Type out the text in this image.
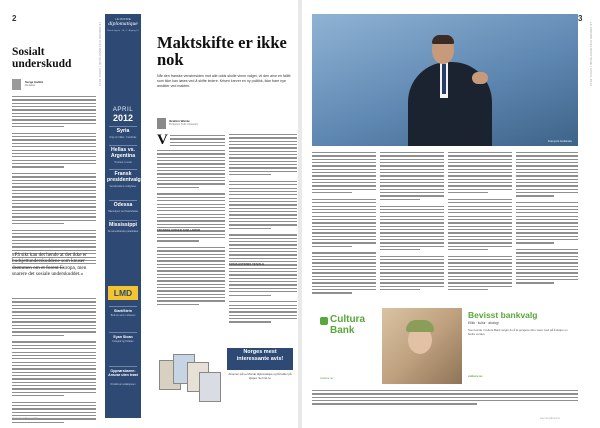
2
LE MONDE DIPLOMATIQUE | APRIL 2012
Sosialt underskudd
Serge Halimi
Redaktør

«På sikt kan det hende at det ikke er budsjettunderskuddene som knuser drømmen om et forent Europa, men snarere det sosiale underskuddet.»

Oversatt av Hanne Vabø
LE MONDE
diplomatique
Norsk utgave · Nr. 4 · Årgang 14
APRIL
2012
Syria
Krig om bildet · Frankrike
Hellas vs. Argentina
To kriser, to svar
Fransk presidentvalg
Venstresidens muligheter
Odessa
Havnebyen ved Svartehavet
Mississippi
Det amerikanske paradokset
Start/Stein
Bruk av vann i ørkenen
Eyan Sloan
Fotograf og forfatter
Opprørsbaren: Ansvar uten trøst
Kronikk av redaksjonen
LMD
Maktskifte er ikke nok
Når den franske venstresiden mot alle odds skulle vinne valget, vil den arve en fallitt som ikke kan løses ved å skifte ledere. Krisen krever en ny politikk, ikke bare nye ansikter ved makten.
Ibrahim Warde
Professor, Tufts University
V
FRANSKE KRISER SOM LÆRER
SOSIALISTENES VEIVALG
Norges mest interessante avis!
Abonner på Le Monde diplomatique og få bøker på kjøpet. Se lmd.no
3
LE MONDE DIPLOMATIQUE | APRIL 2012
François Hollande
Cultura Bank
cultura.no
Bevisst bankvalg
Etikk · kultur · økologi
Som kunde i Cultura Bank velger du å la pengene dine være med på å skape en bedre verden.
cultura.no
Les mer på lmd.no
